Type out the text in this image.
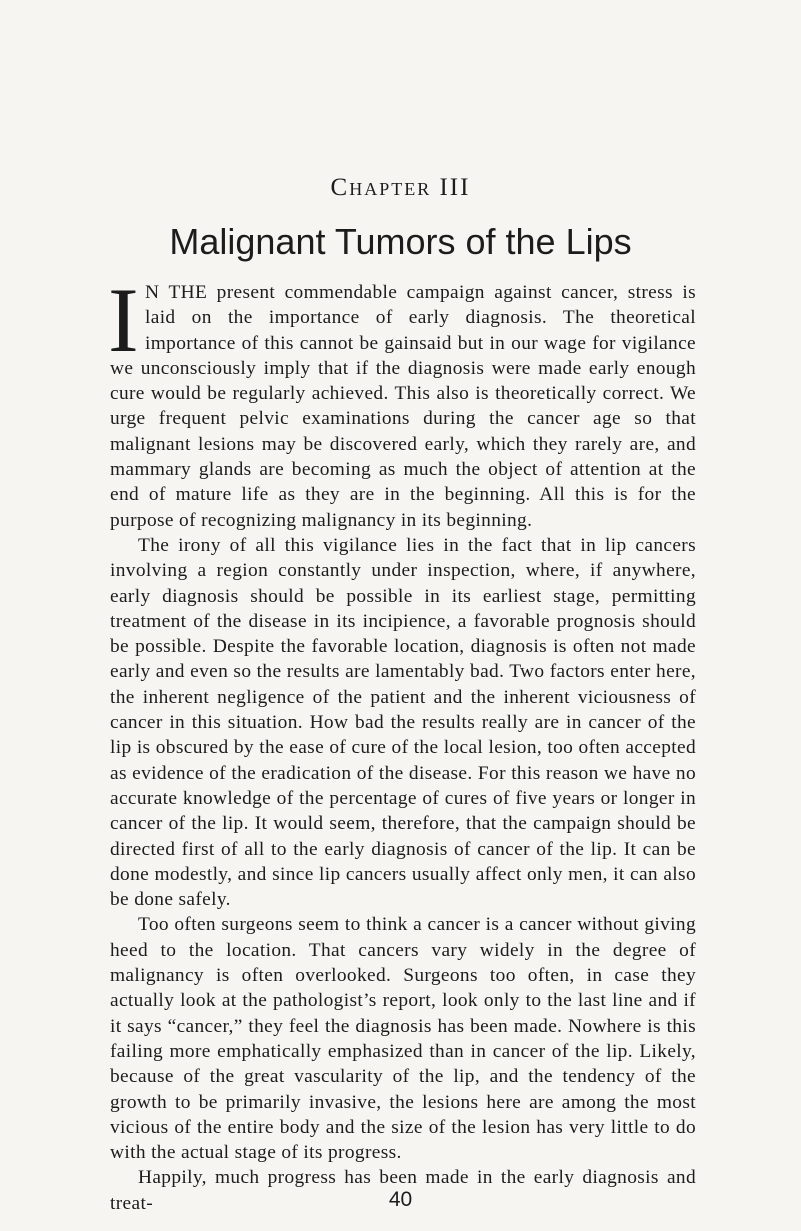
Chapter III
Malignant Tumors of the Lips

I N THE present commendable campaign against cancer, stress is laid on the importance of early diagnosis. The theoretical importance of this cannot be gainsaid but in our wage for vigilance we unconsciously imply that if the diagnosis were made early enough cure would be regularly achieved. This also is theoretically correct. We urge frequent pelvic examinations during the cancer age so that malignant lesions may be discovered early, which they rarely are, and mammary glands are becoming as much the object of attention at the end of mature life as they are in the beginning. All this is for the purpose of recognizing malignancy in its beginning.

The irony of all this vigilance lies in the fact that in lip cancers involving a region constantly under inspection, where, if anywhere, early diagnosis should be possible in its earliest stage, permitting treatment of the disease in its incipience, a favorable prognosis should be possible. Despite the favorable location, diagnosis is often not made early and even so the results are lamentably bad. Two factors enter here, the inherent negligence of the patient and the inherent viciousness of cancer in this situation. How bad the results really are in cancer of the lip is obscured by the ease of cure of the local lesion, too often accepted as evidence of the eradication of the disease. For this reason we have no accurate knowledge of the percentage of cures of five years or longer in cancer of the lip. It would seem, therefore, that the campaign should be directed first of all to the early diagnosis of cancer of the lip. It can be done modestly, and since lip cancers usually affect only men, it can also be done safely.

Too often surgeons seem to think a cancer is a cancer without giving heed to the location. That cancers vary widely in the degree of malignancy is often overlooked. Surgeons too often, in case they actually look at the pathologist’s report, look only to the last line and if it says “cancer,” they feel the diagnosis has been made. Nowhere is this failing more emphatically emphasized than in cancer of the lip. Likely, because of the great vascularity of the lip, and the tendency of the growth to be primarily invasive, the lesions here are among the most vicious of the entire body and the size of the lesion has very little to do with the actual stage of its progress.

Happily, much progress has been made in the early diagnosis and treat-	40
